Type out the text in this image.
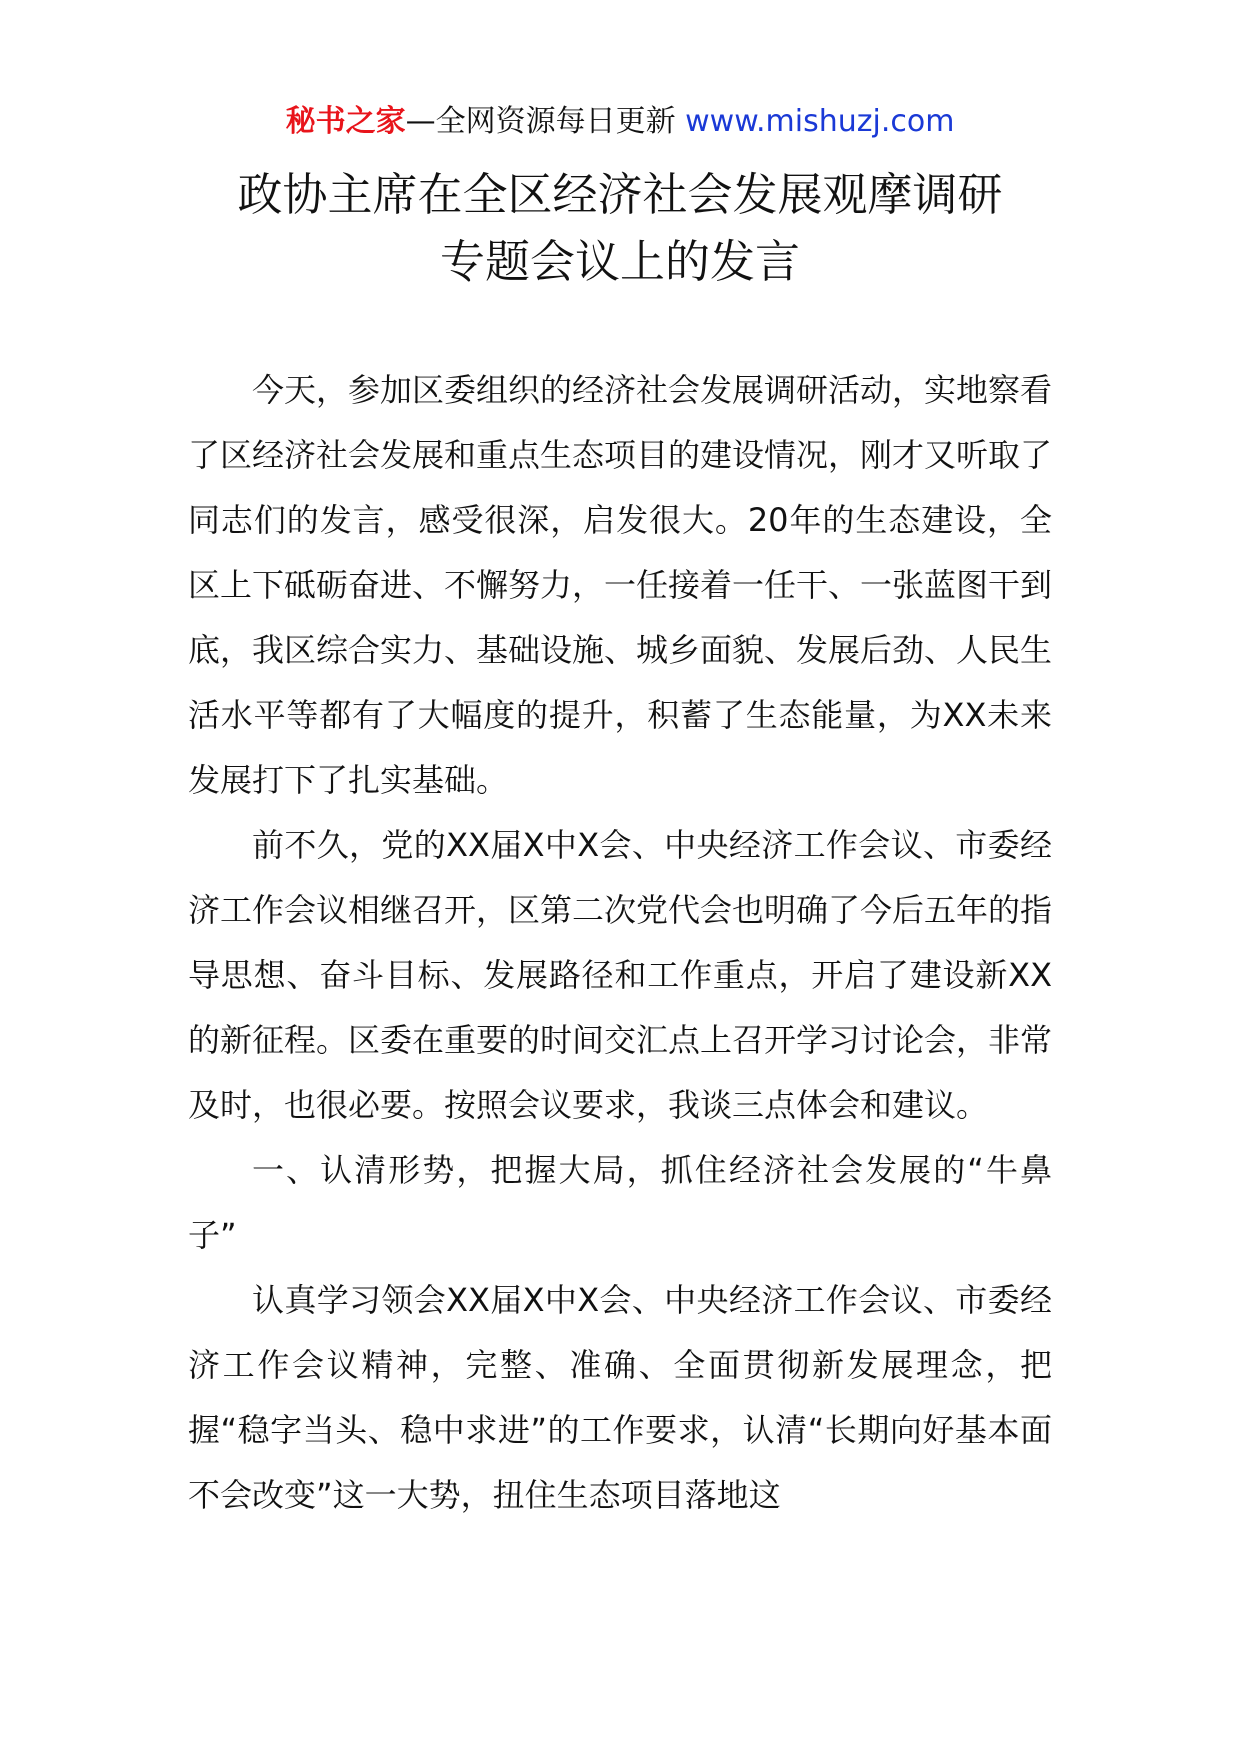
秘书之家—全网资源每日更新 www.mishuzj.com
政协主席在全区经济社会发展观摩调研
专题会议上的发言

今天，参加区委组织的经济社会发展调研活动，实地察看了区经济社会发展和重点生态项目的建设情况，刚才又听取了同志们的发言，感受很深，启发很大。20年的生态建设，全区上下砥砺奋进、不懈努力，一任接着一任干、一张蓝图干到底，我区综合实力、基础设施、城乡面貌、发展后劲、人民生活水平等都有了大幅度的提升，积蓄了生态能量，为XX未来发展打下了扎实基础。

前不久，党的XX届X中X会、中央经济工作会议、市委经济工作会议相继召开，区第二次党代会也明确了今后五年的指导思想、奋斗目标、发展路径和工作重点，开启了建设新XX的新征程。区委在重要的时间交汇点上召开学习讨论会，非常及时，也很必要。按照会议要求，我谈三点体会和建议。

一、认清形势，把握大局，抓住经济社会发展的“牛鼻子”

认真学习领会XX届X中X会、中央经济工作会议、市委经济工作会议精神，完整、准确、全面贯彻新发展理念，把握“稳字当头、稳中求进”的工作要求，认清“长期向好基本面不会改变”这一大势，扭住生态项目落地这
